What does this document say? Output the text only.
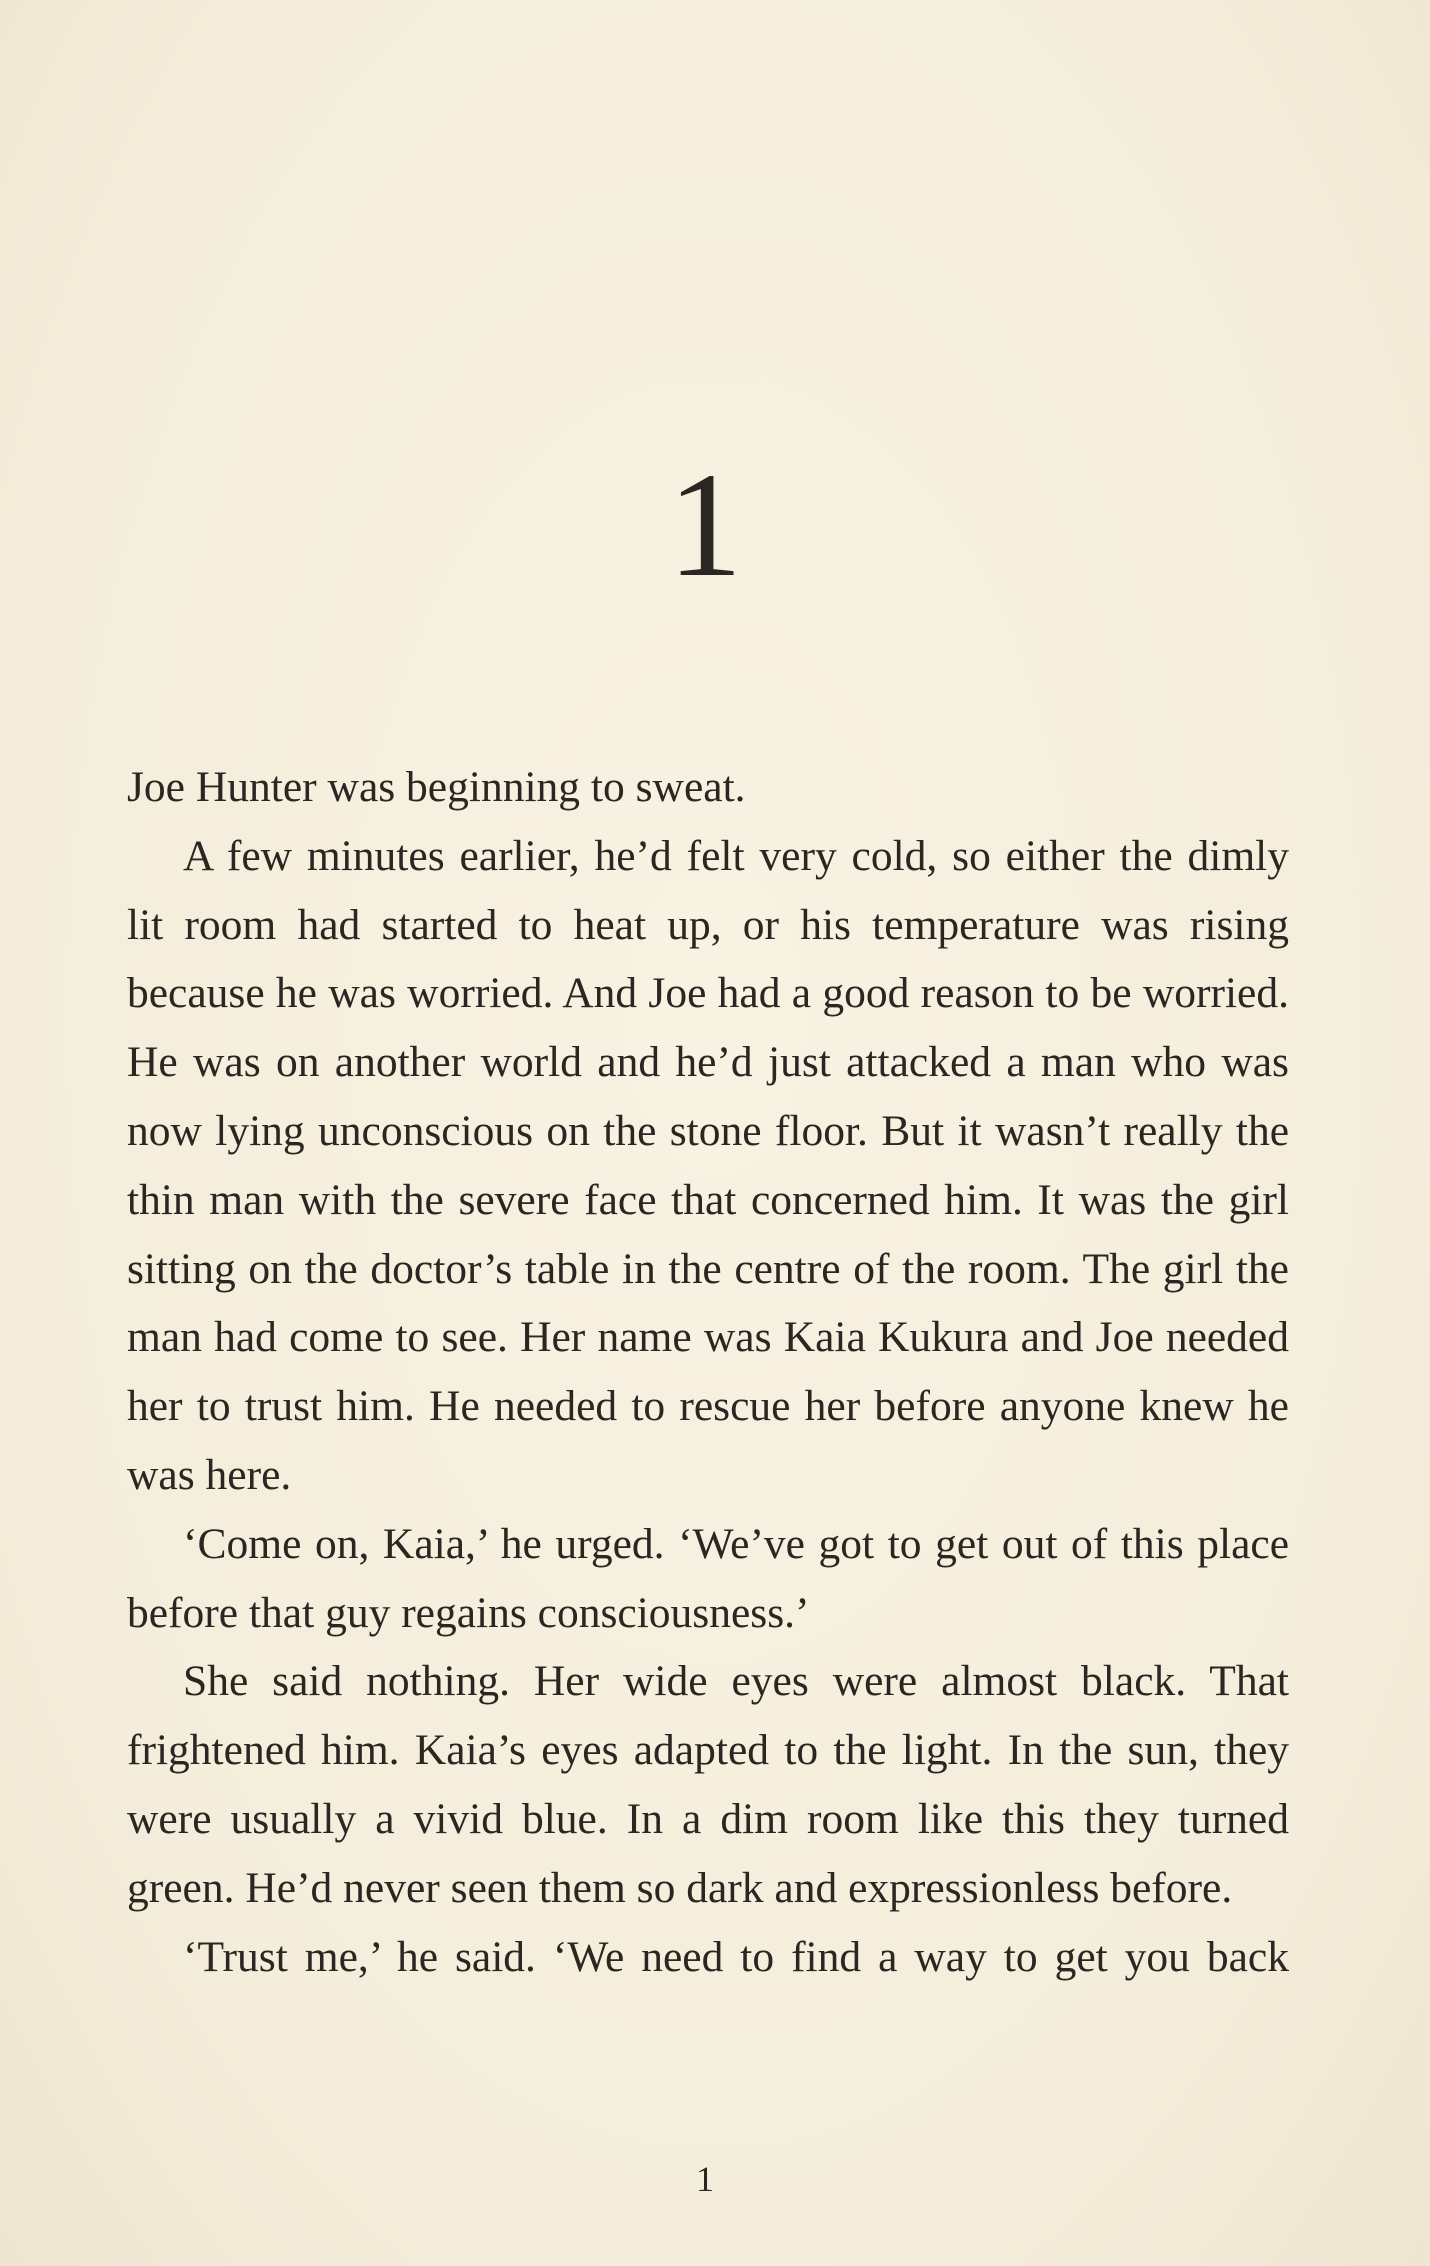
1

Joe Hunter was beginning to sweat.

A few minutes earlier, he’d felt very cold, so either the dimly lit room had started to heat up, or his temperature was rising because he was worried. And Joe had a good reason to be worried. He was on another world and he’d just attacked a man who was now lying unconscious on the stone floor. But it wasn’t really the thin man with the severe face that concerned him. It was the girl sitting on the doctor’s table in the centre of the room. The girl the man had come to see. Her name was Kaia Kukura and Joe needed her to trust him. He needed to rescue her before anyone knew he was here.

‘Come on, Kaia,’ he urged. ‘We’ve got to get out of this place before that guy regains consciousness.’

She said nothing. Her wide eyes were almost black. That frightened him. Kaia’s eyes adapted to the light. In the sun, they were usually a vivid blue. In a dim room like this they turned green. He’d never seen them so dark and expressionless before.

‘Trust me,’ he said. ‘We need to find a way to get you back

1
